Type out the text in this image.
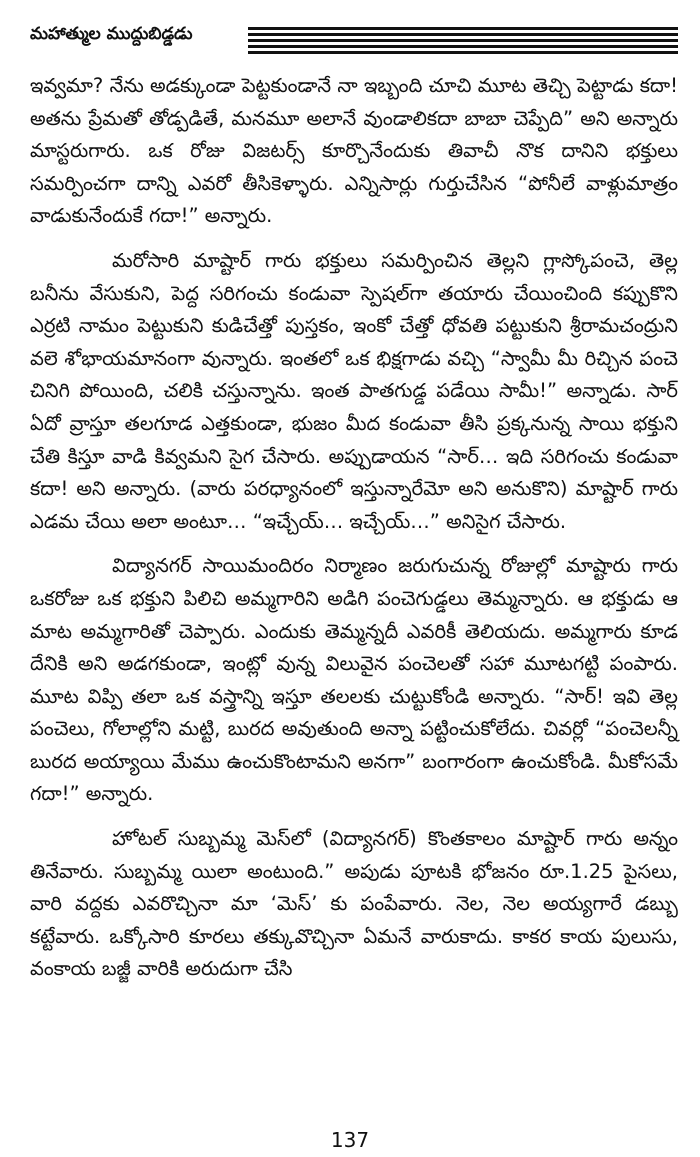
మహాత్ముల ముద్దుబిడ్డడు

ఇవ్వమా? నేను అడక్కుండా పెట్టకుండానే నా ఇబ్బంది చూచి మూట తెచ్చి పెట్టాడు కదా! అతను ప్రేమతో తోడ్పడితే, మనమూ అలానే వుండాలికదా బాబా చెప్పేది” అని అన్నారు మాస్టరుగారు. ఒక రోజు విజటర్స్ కూర్చొనేందుకు తివాచీ నొక దానిని భక్తులు సమర్పించగా దాన్ని ఎవరో తీసికెళ్ళారు. ఎన్నిసార్లు గుర్తుచేసిన “పోనీలే వాళ్లుమాత్రం వాడుకునేందుకే గదా!” అన్నారు.

మరోసారి మాష్టార్ గారు భక్తులు సమర్పించిన తెల్లని గ్లాస్కోపంచె, తెల్ల బనీను వేసుకుని, పెద్ద సరిగంచు కండువా స్పెషల్‌గా తయారు చేయించింది కప్పుకొని ఎర్రటి నామం పెట్టుకుని కుడిచేత్తో పుస్తకం, ఇంకో చేత్తో ధోవతి పట్టుకుని శ్రీరామచంద్రుని వలె శోభాయమానంగా వున్నారు. ఇంతలో ఒక భిక్షగాడు వచ్చి “స్వామీ మీ రిచ్చిన పంచె చినిగి పోయింది, చలికి చస్తున్నాను. ఇంత పాతగుడ్డ పడేయి సామీ!” అన్నాడు. సార్ ఏదో వ్రాస్తూ తలగూడ ఎత్తకుండా, భుజం మీద కండువా తీసి ప్రక్కనున్న సాయి భక్తుని చేతి కిస్తూ వాడి కివ్వమని సైగ చేసారు. అప్పుడాయన “సార్… ఇది సరిగంచు కండువా కదా! అని అన్నారు. (వారు పరధ్యానంలో ఇస్తున్నారేమో అని అనుకొని) మాష్టార్ గారు ఎడమ చేయి అలా అంటూ… “ఇచ్చేయ్… ఇచ్చేయ్…” అనిసైగ చేసారు.

విద్యానగర్ సాయిమందిరం నిర్మాణం జరుగుచున్న రోజుల్లో మాష్టారు గారు ఒకరోజు ఒక భక్తుని పిలిచి అమ్మగారిని అడిగి పంచెగుడ్డలు తెమ్మన్నారు. ఆ భక్తుడు ఆ మాట అమ్మగారితో చెప్పారు. ఎందుకు తెమ్మన్నదీ ఎవరికీ తెలియదు. అమ్మగారు కూడ దేనికి అని అడగకుండా, ఇంట్లో వున్న విలువైన పంచెలతో సహా మూటగట్టి పంపారు. మూట విప్పి తలా ఒక వస్త్రాన్ని ఇస్తూ తలలకు చుట్టుకోండి అన్నారు. “సార్! ఇవి తెల్ల పంచెలు, గోలాల్లోని మట్టి, బురద అవుతుంది అన్నా పట్టించుకోలేదు. చివర్లో “పంచెలన్నీ బురద అయ్యాయి మేము ఉంచుకొంటామని అనగా” బంగారంగా ఉంచుకోండి. మీకోసమే గదా!” అన్నారు.

హోటల్ సుబ్బమ్మ మెస్‌లో (విద్యానగర్) కొంతకాలం మాష్టార్ గారు అన్నం తినేవారు. సుబ్బమ్మ యిలా అంటుంది.” అపుడు పూటకి భోజనం రూ.1.25 పైసలు, వారి వద్దకు ఎవరొచ్చినా మా ‘మెస్’ కు పంపేవారు. నెల, నెల అయ్యగారే డబ్బు కట్టేవారు. ఒక్కోసారి కూరలు తక్కువొచ్చినా ఏమనే వారుకాదు. కాకర కాయ పులుసు, వంకాయ బజ్జీ వారికి అరుదుగా చేసి

137
